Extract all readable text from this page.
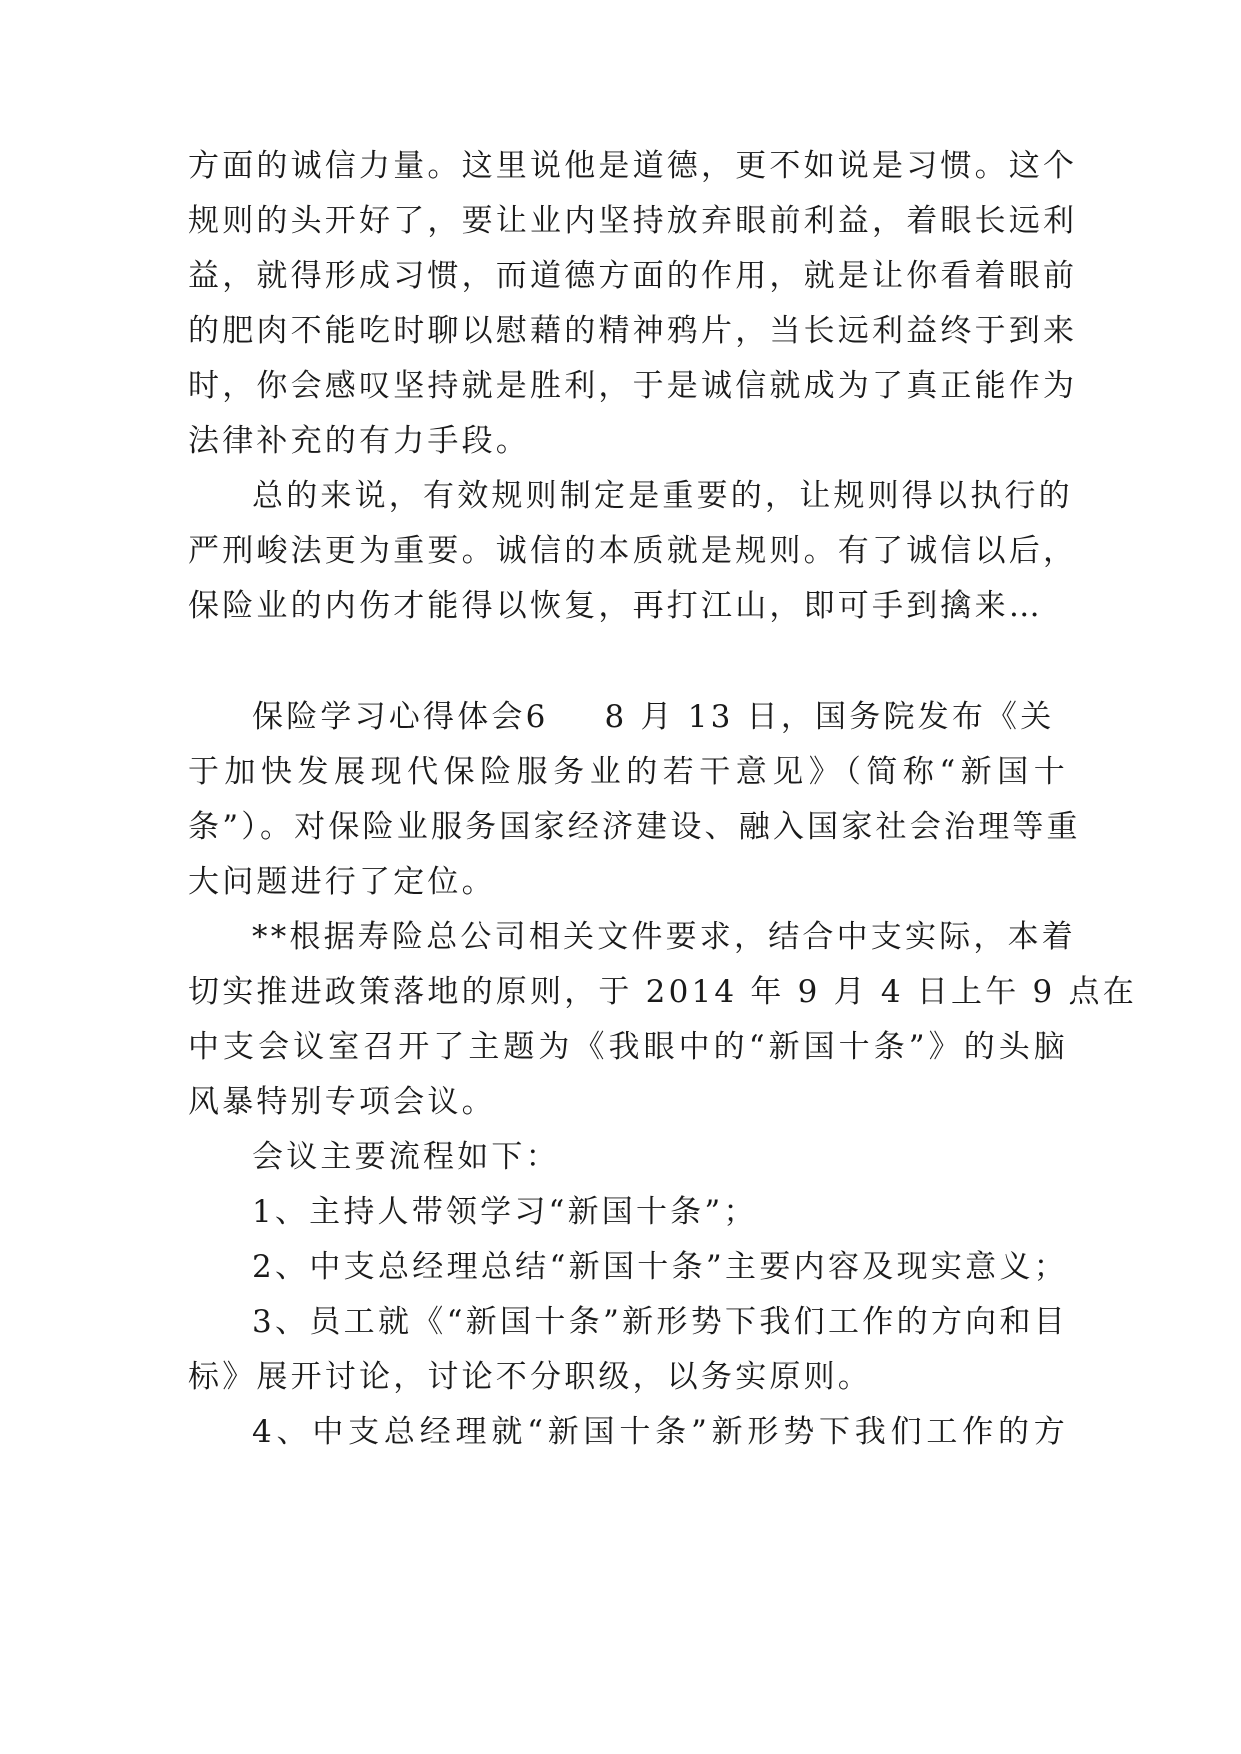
方面的诚信力量。这里说他是道德，更不如说是习惯。这个
规则的头开好了，要让业内坚持放弃眼前利益，着眼长远利
益，就得形成习惯，而道德方面的作用，就是让你看着眼前
的肥肉不能吃时聊以慰藉的精神鸦片，当长远利益终于到来
时，你会感叹坚持就是胜利，于是诚信就成为了真正能作为
法律补充的有力手段。
总的来说，有效规则制定是重要的，让规则得以执行的
严刑峻法更为重要。诚信的本质就是规则。有了诚信以后，
保险业的内伤才能得以恢复，再打江山，即可手到擒来…
保险学习心得体会6 8 月 13 日，国务院发布《关
于加快发展现代保险服务业的若干意见》（简称“新国十
条”）。对保险业服务国家经济建设、融入国家社会治理等重
大问题进行了定位。
**根据寿险总公司相关文件要求，结合中支实际，本着
切实推进政策落地的原则，于 2014 年 9 月 4 日上午 9 点在
中支会议室召开了主题为《我眼中的“新国十条”》的头脑
风暴特别专项会议。
会议主要流程如下：
1、主持人带领学习“新国十条”；
2、中支总经理总结“新国十条”主要内容及现实意义；
3、员工就《“新国十条”新形势下我们工作的方向和目
标》展开讨论，讨论不分职级，以务实原则。
4、中支总经理就“新国十条”新形势下我们工作的方
